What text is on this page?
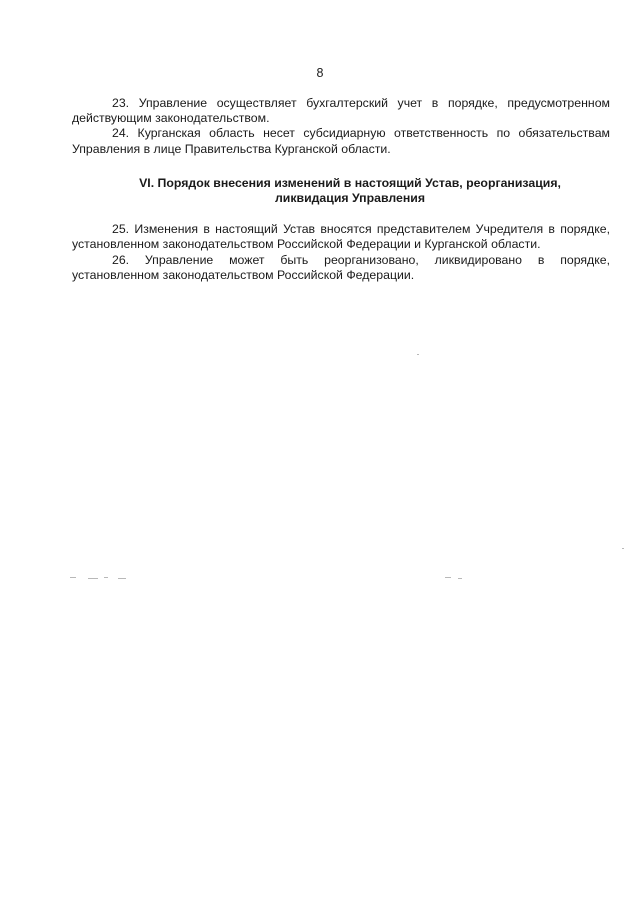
8

23. Управление осуществляет бухгалтерский учет в порядке, предусмотренном действующим законодательством.

24. Курганская область несет субсидиарную ответственность по обязательствам Управления в лице Правительства Курганской области.

VI. Порядок внесения изменений в настоящий Устав, реорганизация,
ликвидация Управления

25. Изменения в настоящий Устав вносятся представителем Учредителя в порядке, установленном законодательством Российской Федерации и Курганской области.

26. Управление может быть реорганизовано, ликвидировано в порядке, установленном законодательством Российской Федерации.
